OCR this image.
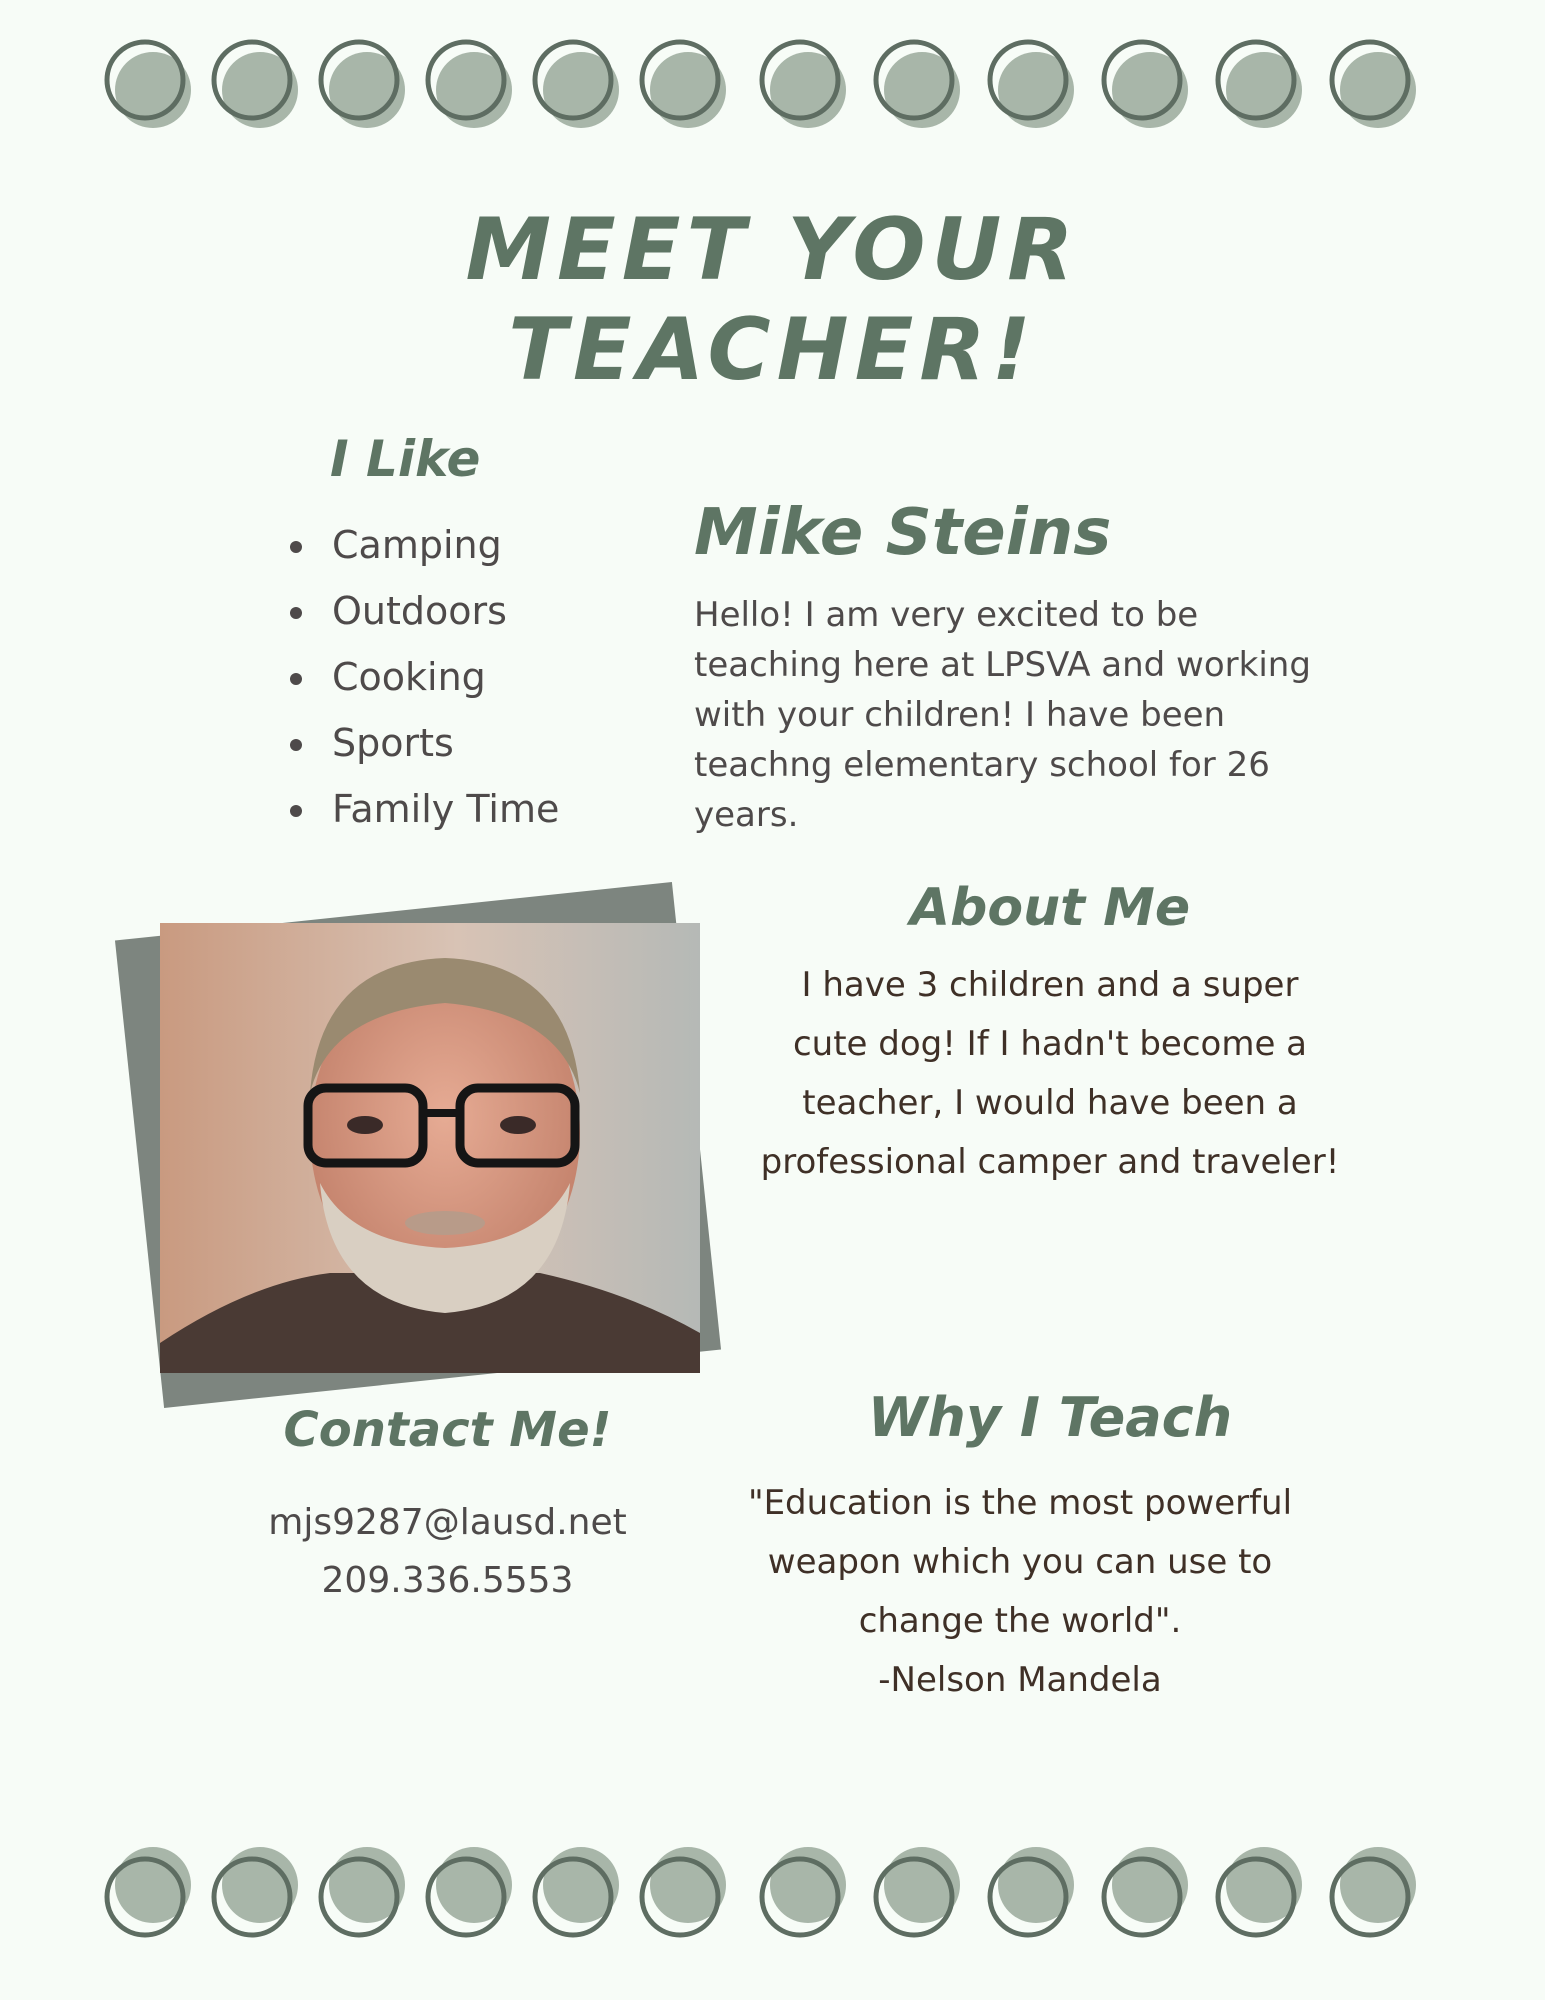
MEET YOUR
TEACHER!
I Like
Camping
Outdoors
Cooking
Sports
Family Time
Mike Steins
Hello! I am very excited to be teaching here at LPSVA and working with your children! I have been teachng elementary school for 26 years.
About Me
I have 3 children and a super cute dog! If I hadn't become a teacher, I would have been a professional camper and traveler!
Contact Me!
mjs9287@lausd.net
209.336.5553
Why I Teach
"Education is the most powerful weapon which you can use to change the world".
-Nelson Mandela
